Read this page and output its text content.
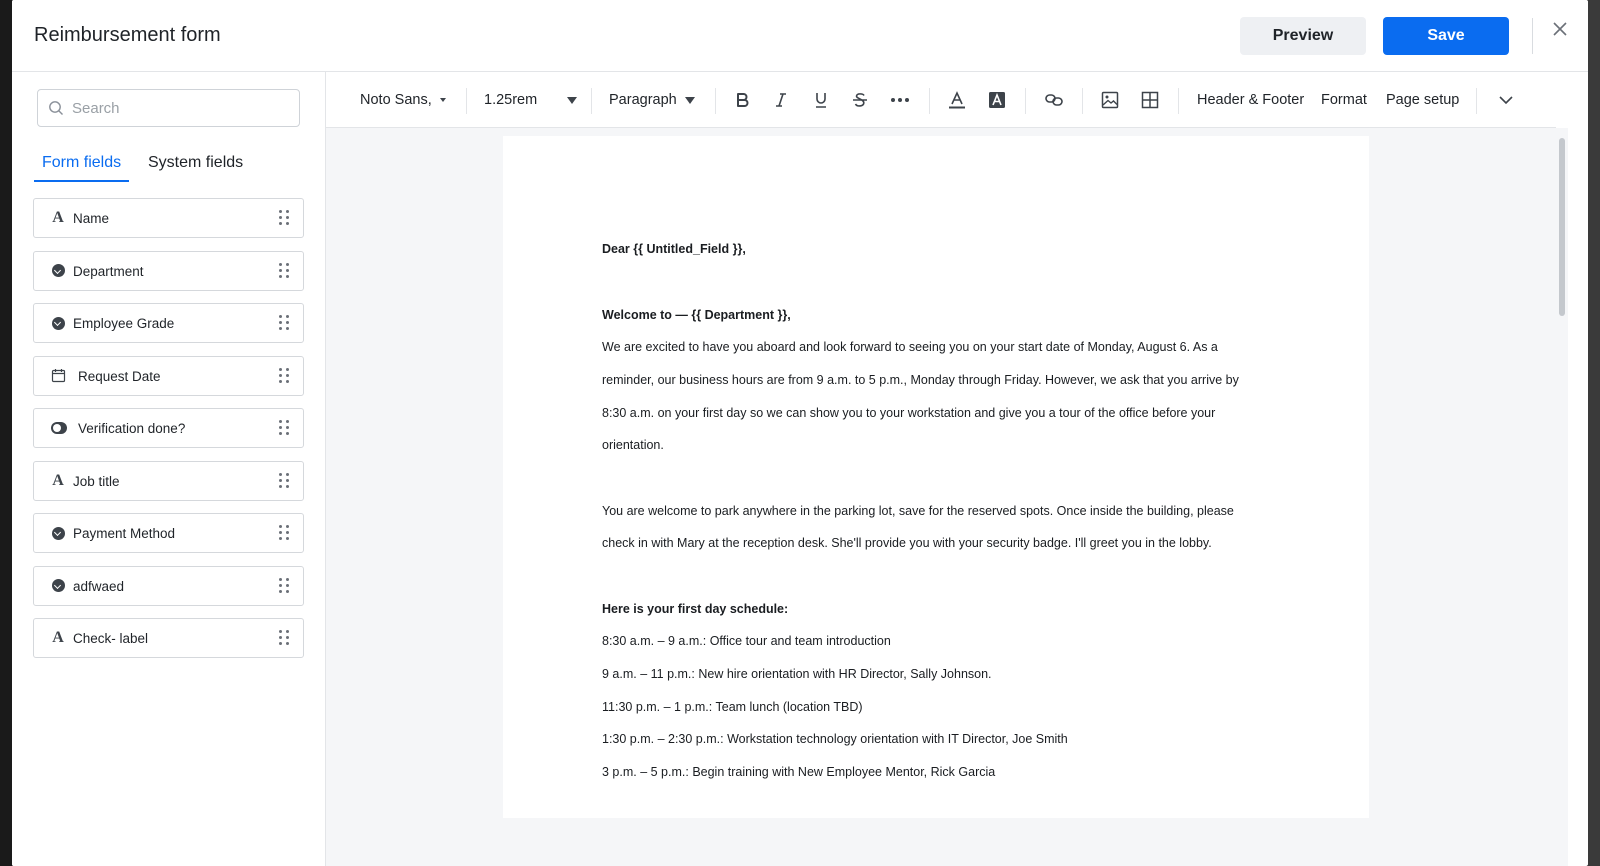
Reimbursement form	Preview	Save
Search
Form fields System fields
A Name
Department
Employee Grade
Request Date
Verification done?
A Job title
Payment Method
adfwaed
A Check- label
Noto Sans,	1.25rem	Paragraph	Header & Footer Format Page setup

Dear {{ Untitled_Field }},

Welcome to — {{ Department }},

We are excited to have you aboard and look forward to seeing you on your start date of Monday, August 6. As a

reminder, our business hours are from 9 a.m. to 5 p.m., Monday through Friday. However, we ask that you arrive by

8:30 a.m. on your first day so we can show you to your workstation and give you a tour of the office before your

orientation.

You are welcome to park anywhere in the parking lot, save for the reserved spots. Once inside the building, please

check in with Mary at the reception desk. She'll provide you with your security badge. I'll greet you in the lobby.

Here is your first day schedule:

8:30 a.m. – 9 a.m.: Office tour and team introduction

9 a.m. – 11 p.m.: New hire orientation with HR Director, Sally Johnson.

11:30 p.m. – 1 p.m.: Team lunch (location TBD)

1:30 p.m. – 2:30 p.m.: Workstation technology orientation with IT Director, Joe Smith

3 p.m. – 5 p.m.: Begin training with New Employee Mentor, Rick Garcia
